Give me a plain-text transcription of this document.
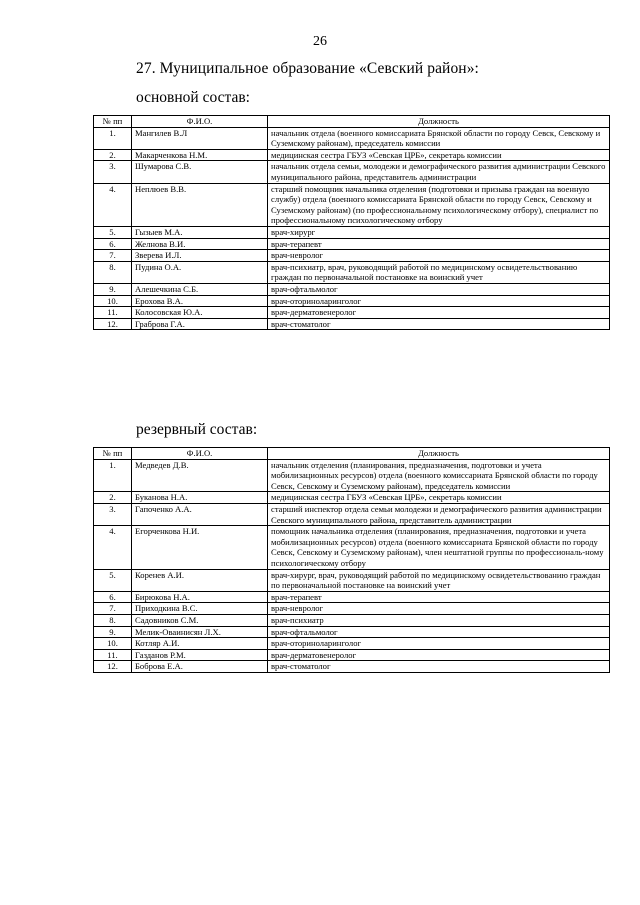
26
27. Муниципальное образование «Севский район»:
основной состав:
№ пп	Ф.И.О.	Должность
1.	Мангилев В.Л	начальник отдела (военного комиссариата Брянской области по городу Севск, Севскому и Суземскому районам), председатель комиссии
2.	Макарченкова Н.М.	медицинская сестра ГБУЗ «Севская ЦРБ», секретарь комиссии
3.	Шумарова С.В.	начальник отдела семьи, молодежи и демографического развития администрации Севского муниципального района, представитель администрации
4.	Неплюев В.В.	старший помощник начальника отделения (подготовки и призыва граждан на военную службу) отдела (военного комиссариата Брянской области по городу Севск, Севскому и Суземскому районам) (по профессиональному психологическому отбору), специалист по профессиональному психологическому отбору
5.	Гызыев М.А.	врач-хирург
6.	Желнова В.И.	врач-терапевт
7.	Зверева И.Л.	врач-невролог
8.	Пудина О.А.	врач-психиатр, врач, руководящий работой по медицинскому освидетельствованию граждан по первоначальной постановке на воинский учет
9.	Алешечкина С.Б.	врач-офтальмолог
10.	Ерохова В.А.	врач-оториноларинголог
11.	Колосовская Ю.А.	врач-дерматовенеролог
12.	Граброва Г.А.	врач-стоматолог
резервный состав:
№ пп	Ф.И.О.	Должность
1.	Медведев Д.В.	начальник отделения (планирования, предназначения, подготовки и учета мобилизационных ресурсов) отдела (военного комиссариата Брянской области по городу Севск, Севскому и Суземскому районам), председатель комиссии
2.	Буканова Н.А.	медицинская сестра ГБУЗ «Севская ЦРБ», секретарь комиссии
3.	Гапоченко А.А.	старший инспектор отдела семьи молодежи и демографического развития администрации Севского муниципального района, представитель администрации
4.	Егорченкова Н.И.	помощник начальника отделения (планирования, предназначения, подготовки и учета мобилизационных ресурсов) отдела (военного комиссариата Брянской области по городу Севск, Севскому и Суземскому районам), член нештатной группы по профессиональ-ному психологическому отбору
5.	Коренев А.И.	врач-хирург, врач, руководящий работой по медицинскому освидетельствованию граждан по первоначальной постановке на воинский учет
6.	Бирюкова Н.А.	врач-терапевт
7.	Приходкина В.С.	врач-невролог
8.	Садовников С.М.	врач-психиатр
9.	Мелик-Оваинисян Л.Х.	врач-офтальмолог
10.	Котляр А.И.	врач-оториноларинголог
11.	Газданов Р.М.	врач-дерматовенеролог
12.	Боброва Е.А.	врач-стоматолог
